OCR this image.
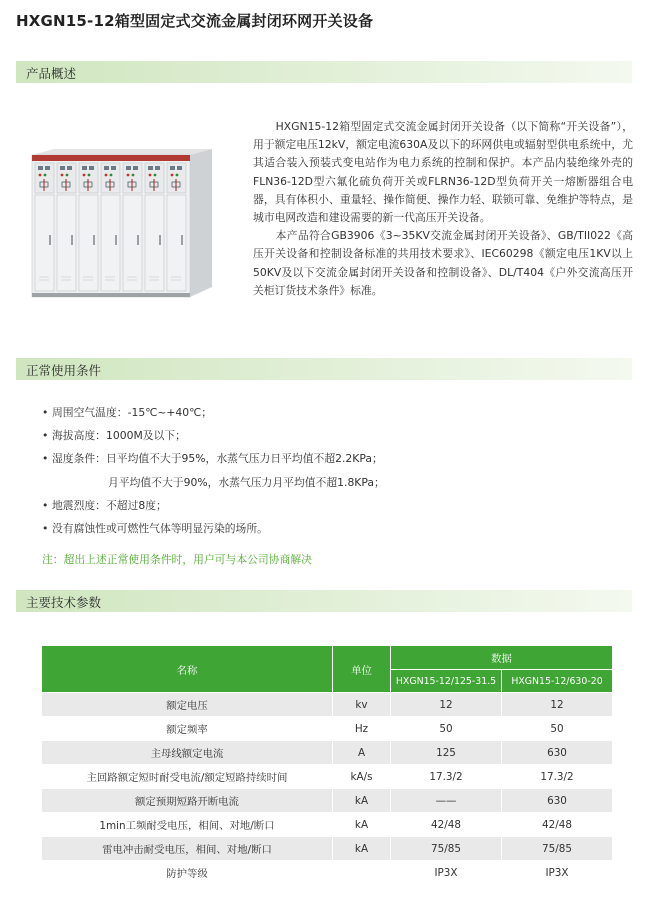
HXGN15-12箱型固定式交流金属封闭环网开关设备
产品概述

HXGN15-12箱型固定式交流金属封闭开关设备（以下简称“开关设备”），用于额定电压12kV，额定电流630A及以下的环网供电或辐射型供电系统中，尤其适合装入预装式变电站作为电力系统的控制和保护。本产品内装绝缘外壳的FLN36-12D型六氟化硫负荷开关或FLRN36-12D型负荷开关一熔断器组合电器，具有体积小、重量轻、操作简便、操作力轻、联锁可靠、免维护等特点，是城市电网改造和建设需要的新一代高压开关设备。

本产品符合GB3906《3~35KV交流金属封闭开关设备》、GB/TII022《高压开关设备和控制设备标准的共用技术要求》、IEC60298《额定电压1KV以上50KV及以下交流金属封闭开关设备和控制设备》、DL/T404《户外交流高压开关柜订货技术条件》标准。

正常使用条件
• 周围空气温度：-15℃~+40℃；
• 海拔高度：1000M及以下；
• 湿度条件：日平均值不大于95%，水蒸气压力日平均值不超2.2KPa；
月平均值不大于90%，水蒸气压力月平均值不超1.8KPa；
• 地震烈度：不超过8度；
• 没有腐蚀性或可燃性气体等明显污染的场所。
注：超出上述正常使用条件时，用户可与本公司协商解决
主要技术参数
名称	单位	数据	
		HXGN15-12/125-31.5	HXGN15-12/630-20
额定电压	kv	12	12
额定频率	Hz	50	50
主母线额定电流	A	125	630
主回路额定短时耐受电流/额定短路持续时间	kA/s	17.3/2	17.3/2
额定预期短路开断电流	kA	——	630
1min工频耐受电压，相间、对地/断口	kA	42/48	42/48
雷电冲击耐受电压，相间、对地/断口	kA	75/85	75/85
防护等级		IP3X	IP3X
